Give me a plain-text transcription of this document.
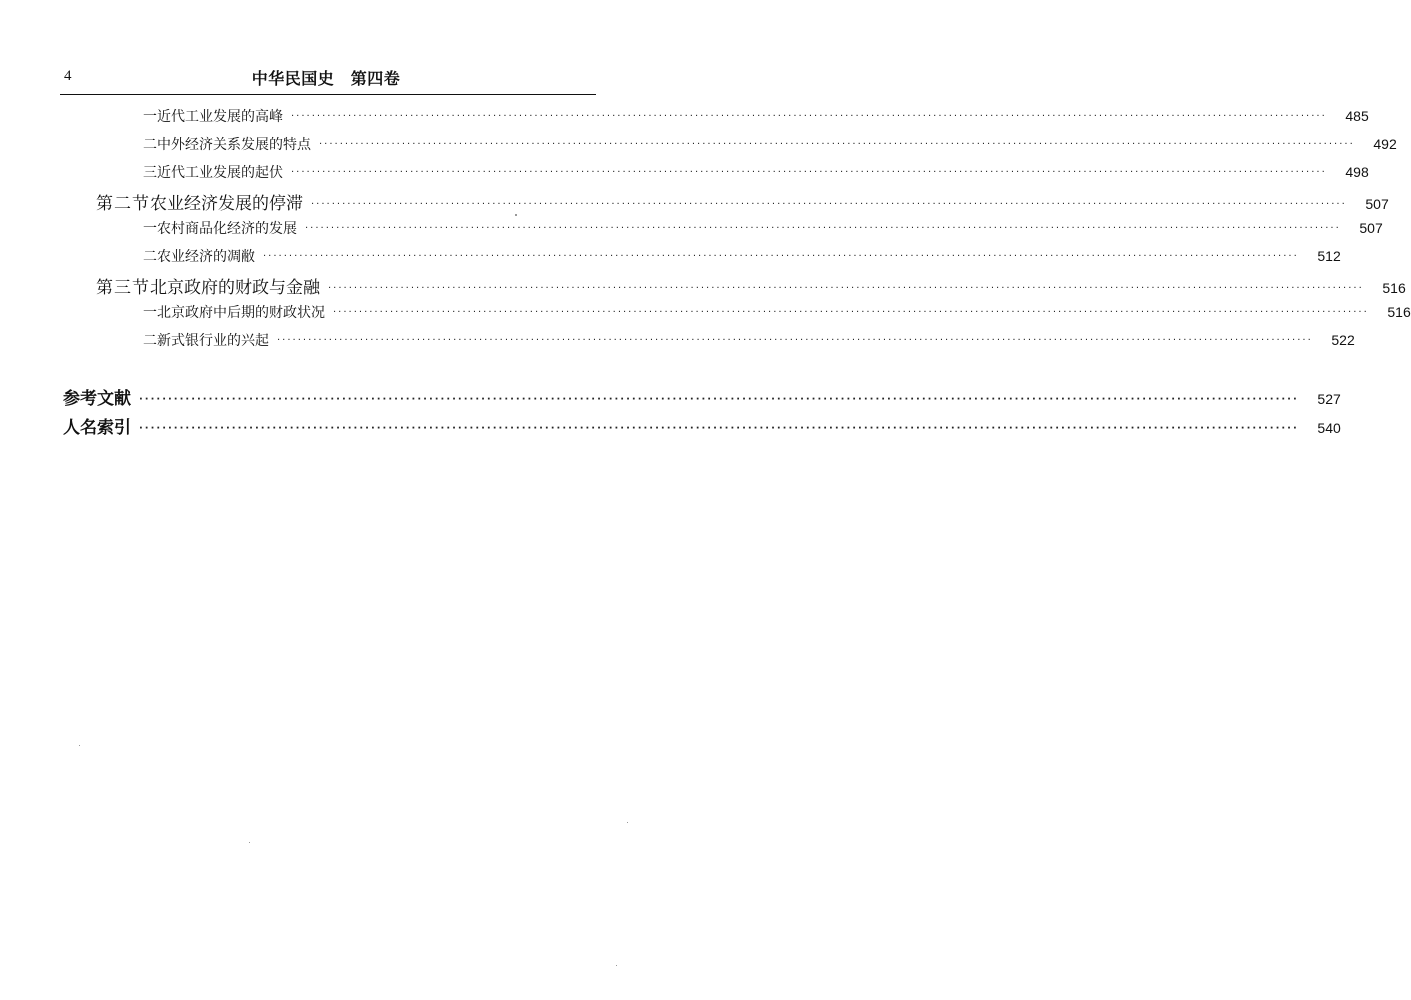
4	中华民国史　第四卷
一 近代工业发展的高峰 ········································································································································································································	485
二 中外经济关系发展的特点 ········································································································································································································	492
三 近代工业发展的起伏 ········································································································································································································	498
第二节 农业经济发展的停滞 ········································································································································································································	507
一 农村商品化经济的发展 ········································································································································································································	507
二 农业经济的凋敝 ········································································································································································································	512
第三节 北京政府的财政与金融 ········································································································································································································	516
一 北京政府中后期的财政状况 ········································································································································································································	516
二 新式银行业的兴起 ········································································································································································································	522
参考文献 ········································································································································································································	527
人名索引 ········································································································································································································	540
